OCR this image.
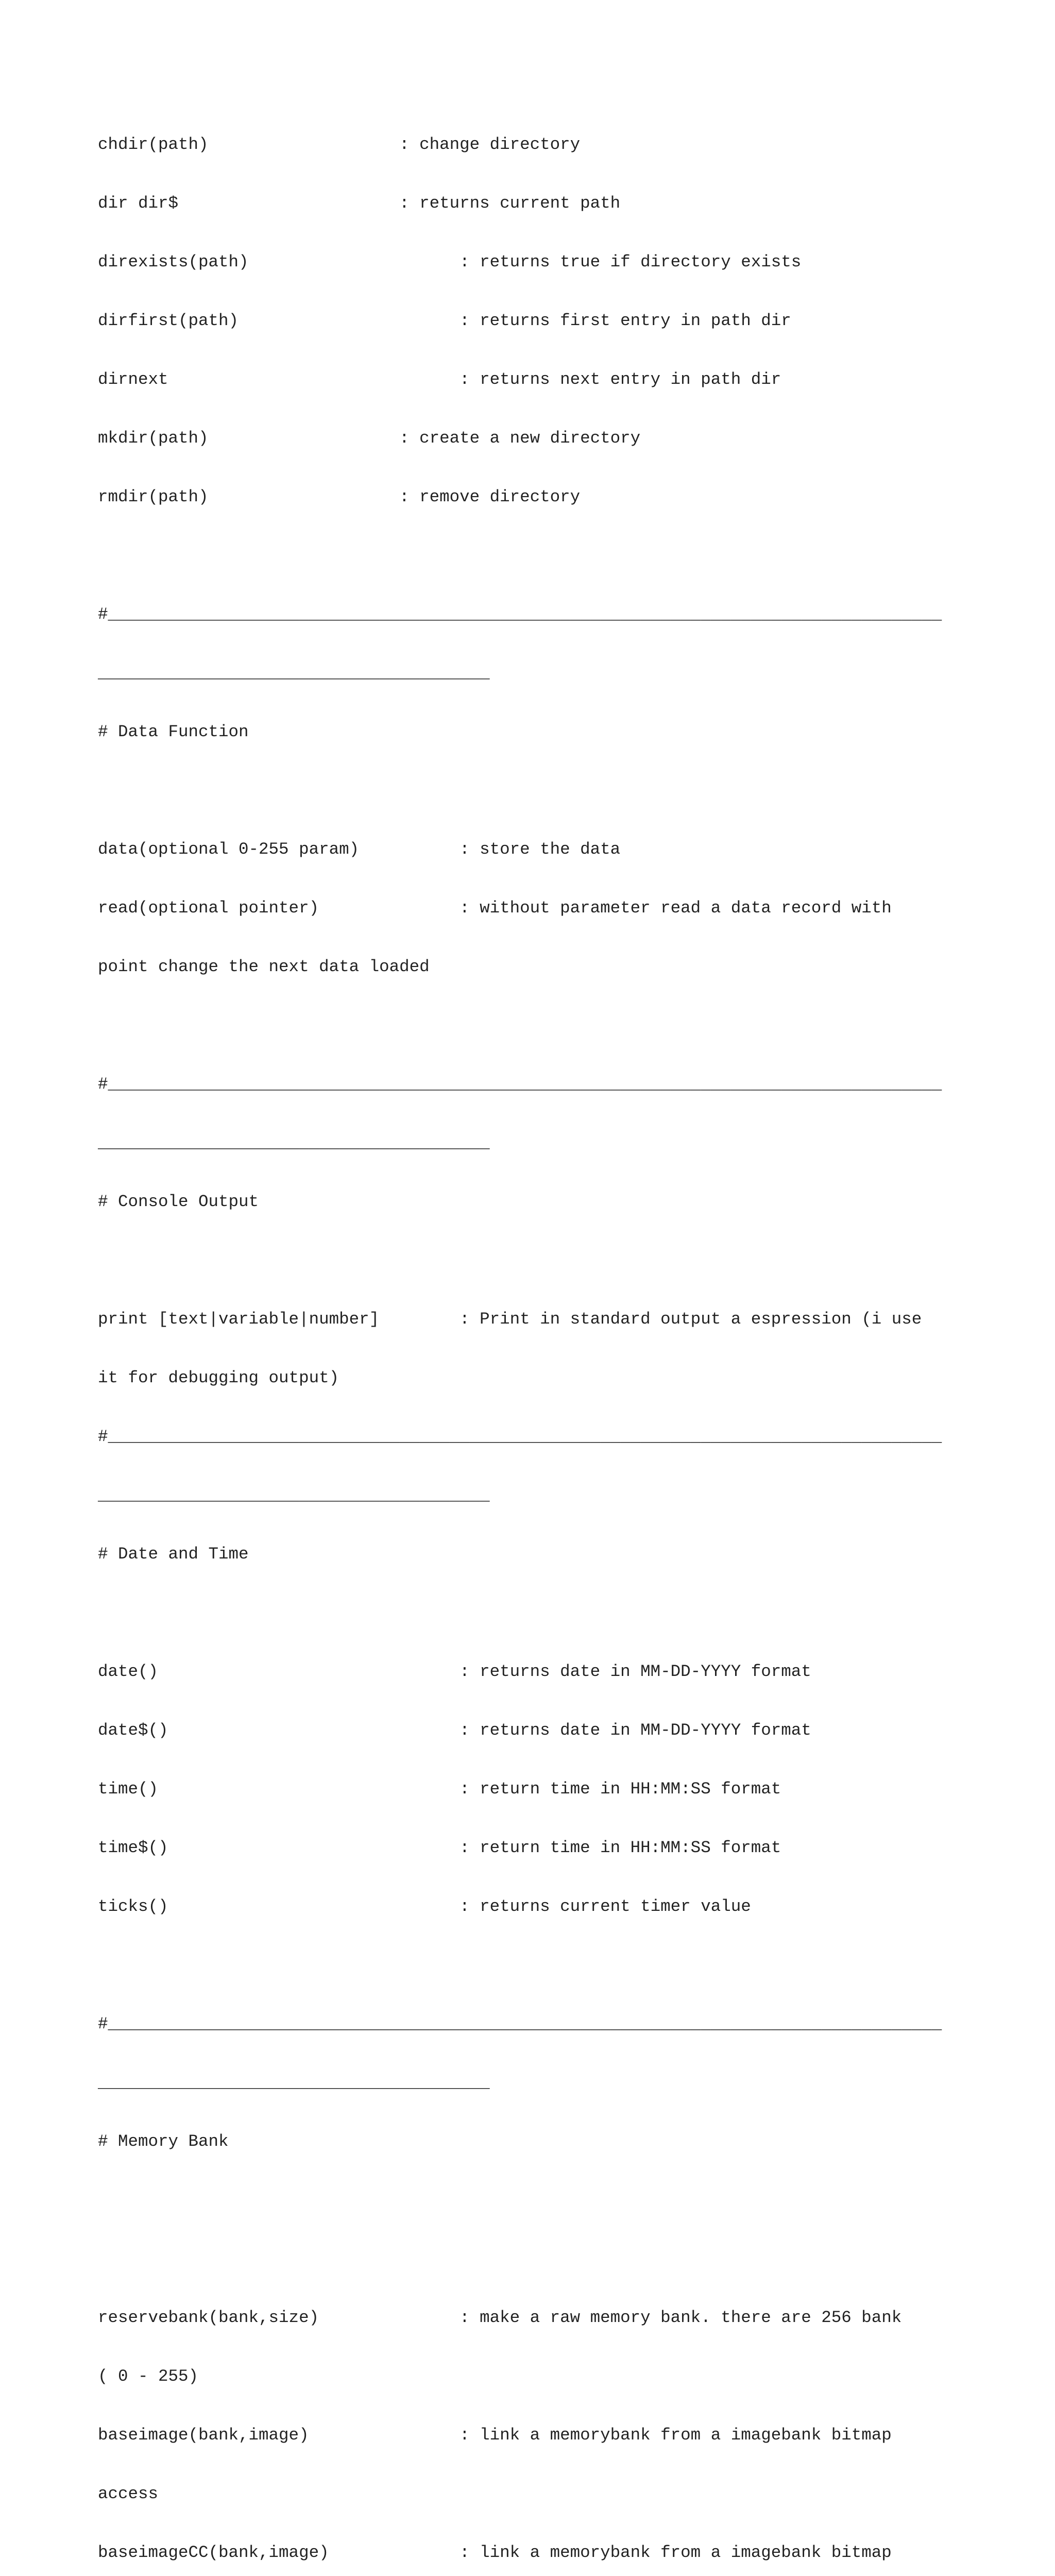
chdir(path)                   : change directory

dir dir$                      : returns current path

direxists(path)                     : returns true if directory exists

dirfirst(path)                      : returns first entry in path dir

dirnext                             : returns next entry in path dir

mkdir(path)                   : create a new directory

rmdir(path)                   : remove directory

#___________________________________________________________________________________

_______________________________________

# Data Function

data(optional 0-255 param)          : store the data

read(optional pointer)              : without parameter read a data record with

point change the next data loaded

#___________________________________________________________________________________

_______________________________________

# Console Output

print [text|variable|number]        : Print in standard output a espression (i use

it for debugging output)

#___________________________________________________________________________________

_______________________________________

# Date and Time

date()                              : returns date in MM-DD-YYYY format

date$()                             : returns date in MM-DD-YYYY format

time()                              : return time in HH:MM:SS format

time$()                             : return time in HH:MM:SS format

ticks()                             : returns current timer value

#___________________________________________________________________________________

_______________________________________

# Memory Bank

reservebank(bank,size)              : make a raw memory bank. there are 256 bank

( 0 - 255)

baseimage(bank,image)               : link a memorybank from a imagebank bitmap

access

baseimageCC(bank,image)             : link a memorybank from a imagebank bitmap
